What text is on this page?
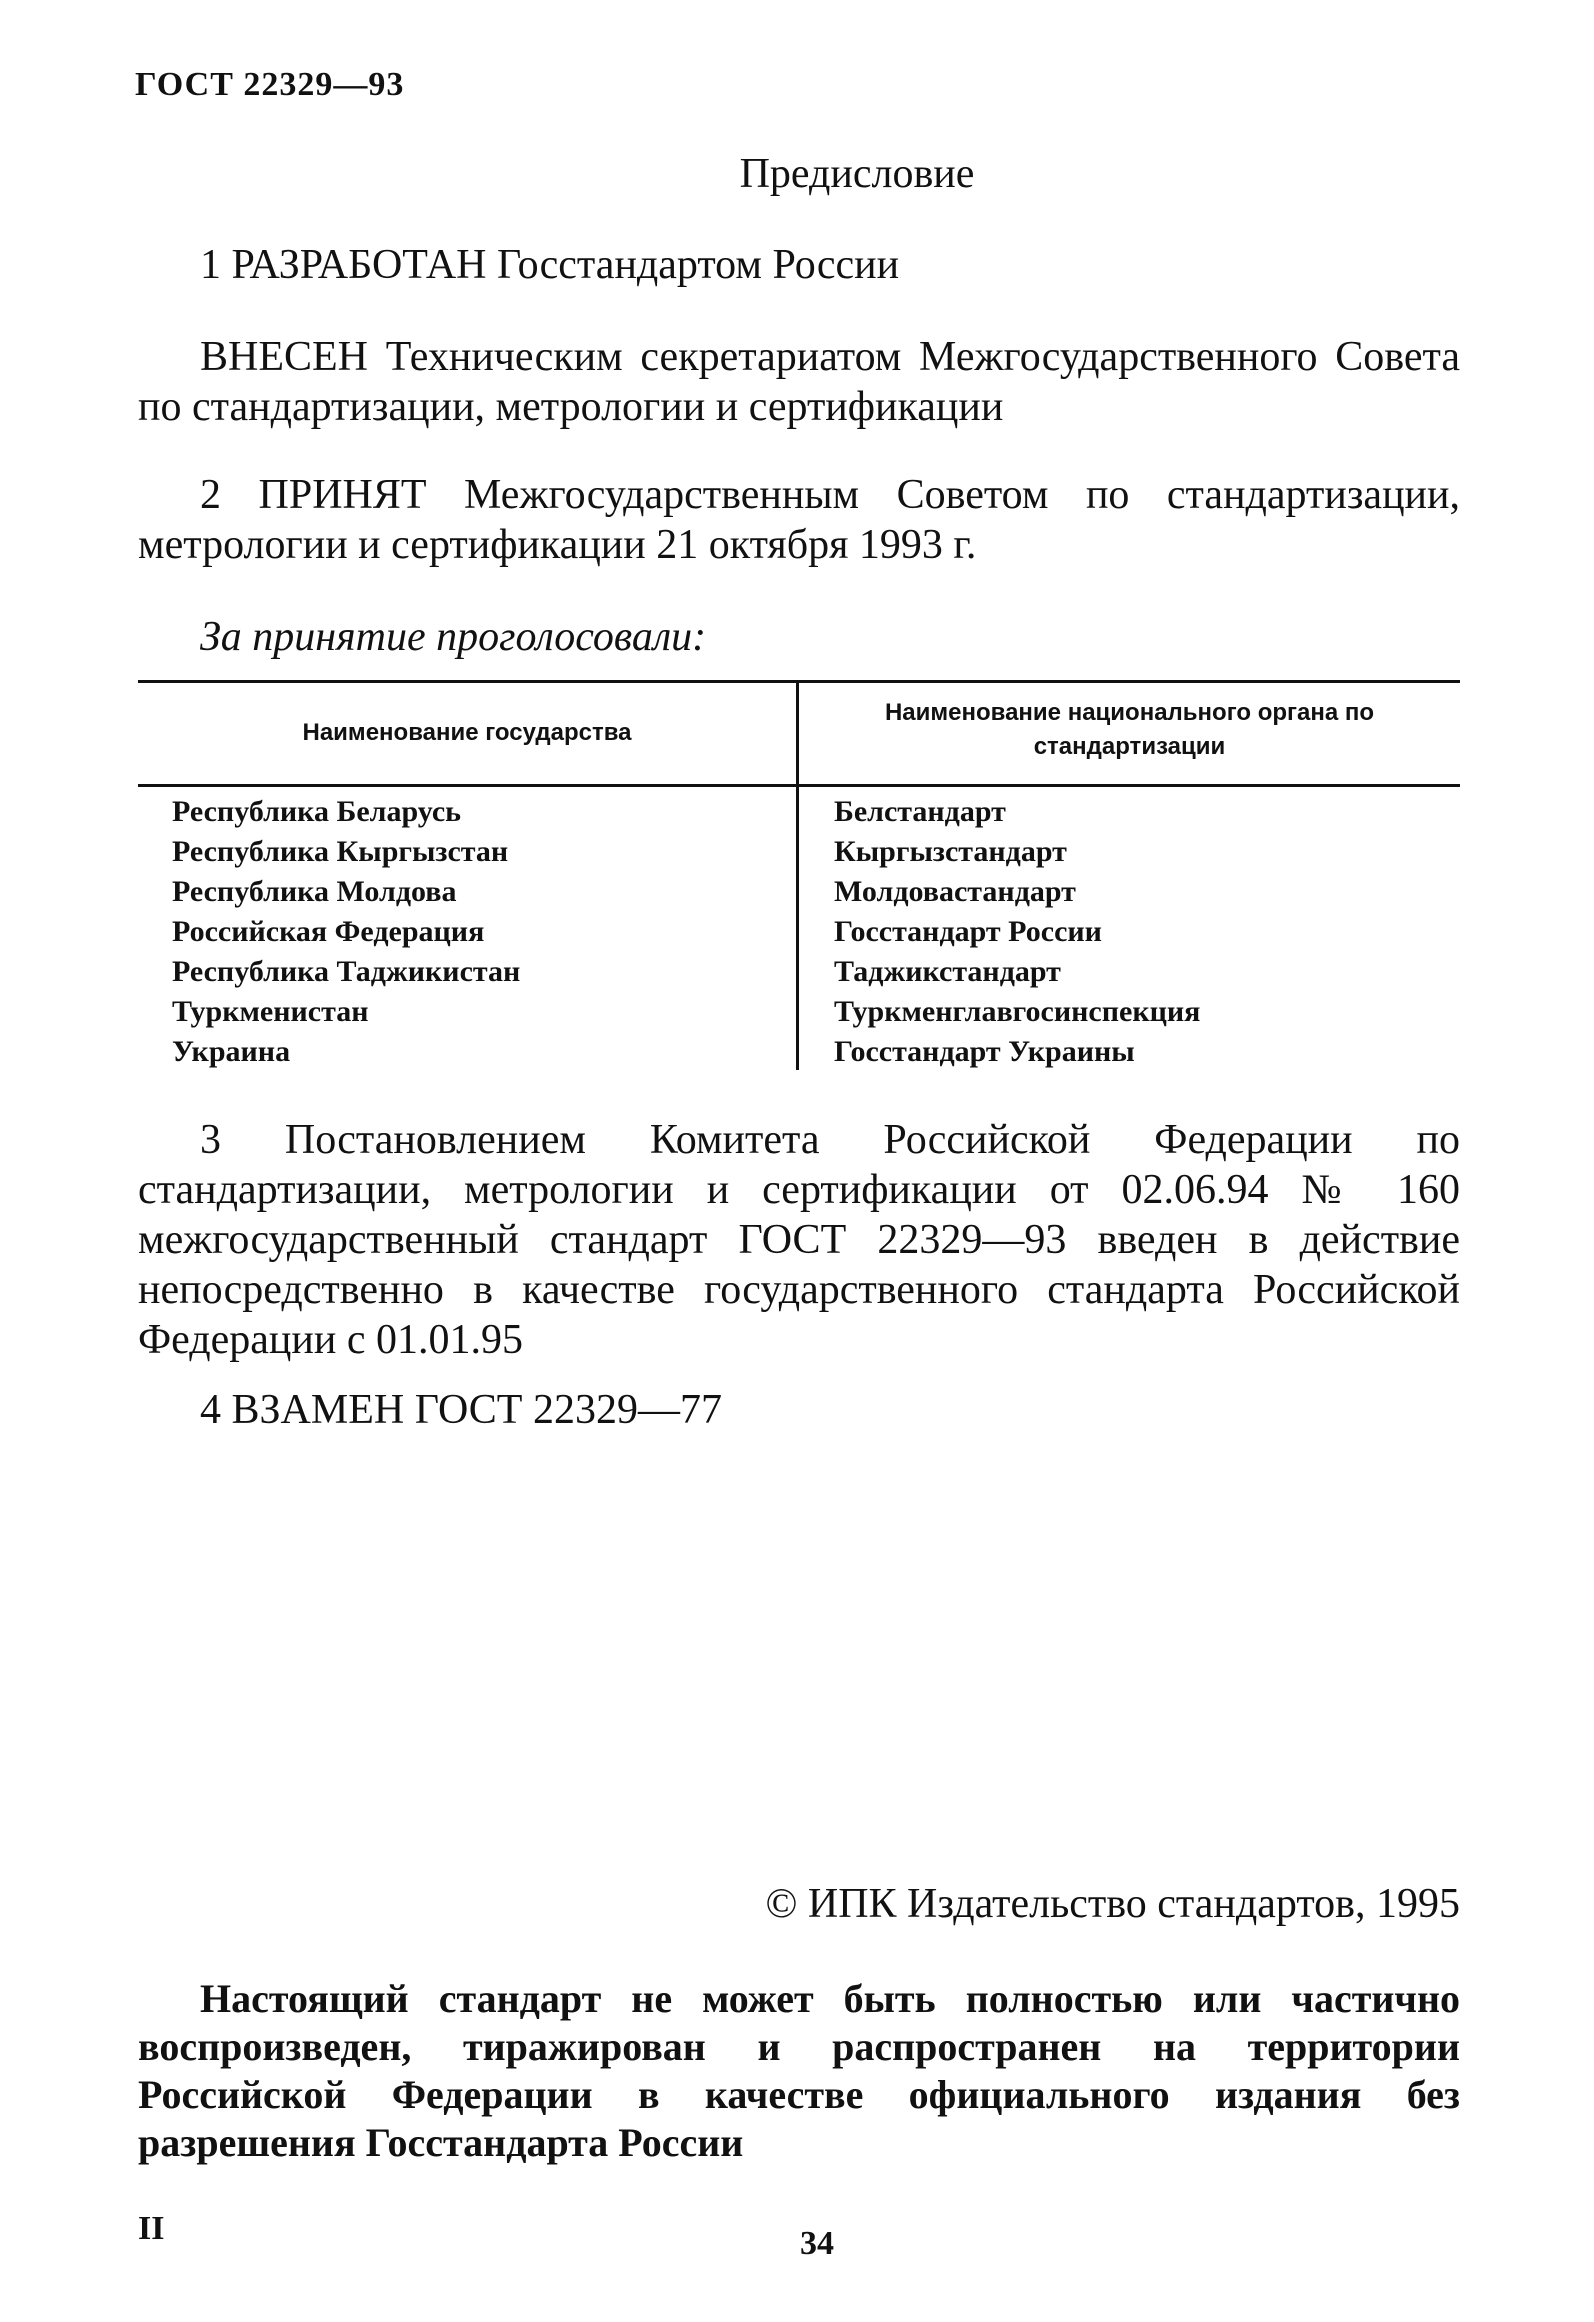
ГОСТ 22329—93
Предисловие
1 РАЗРАБОТАН Госстандартом России
ВНЕСЕН Техническим секретариатом Межгосударственного Совета по стандартизации, метрологии и сертификации
2 ПРИНЯТ Межгосударственным Советом по стандартизации, метрологии и сертификации 21 октября 1993 г.
За принятие проголосовали:
Наименование государства
Наименование национального органа по стандартизации
Республика Беларусь
Республика Кыргызстан
Республика Молдова
Российская Федерация
Республика Таджикистан
Туркменистан
Украина
Белстандарт
Кыргызстандарт
Молдовастандарт
Госстандарт России
Таджикстандарт
Туркменглавгосинспекция
Госстандарт Украины
3 Постановлением Комитета Российской Федерации по стандартизации, метрологии и сертификации от 02.06.94 № 160 межгосударственный стандарт ГОСТ 22329—93 введен в действие непосредственно в качестве государственного стандарта Российской Федерации с 01.01.95
4 ВЗАМЕН ГОСТ 22329—77
© ИПК Издательство стандартов, 1995
Настоящий стандарт не может быть полностью или частично воспроизведен, тиражирован и распространен на территории Российской Федерации в качестве официального издания без разрешения Госстандарта России
II	34
